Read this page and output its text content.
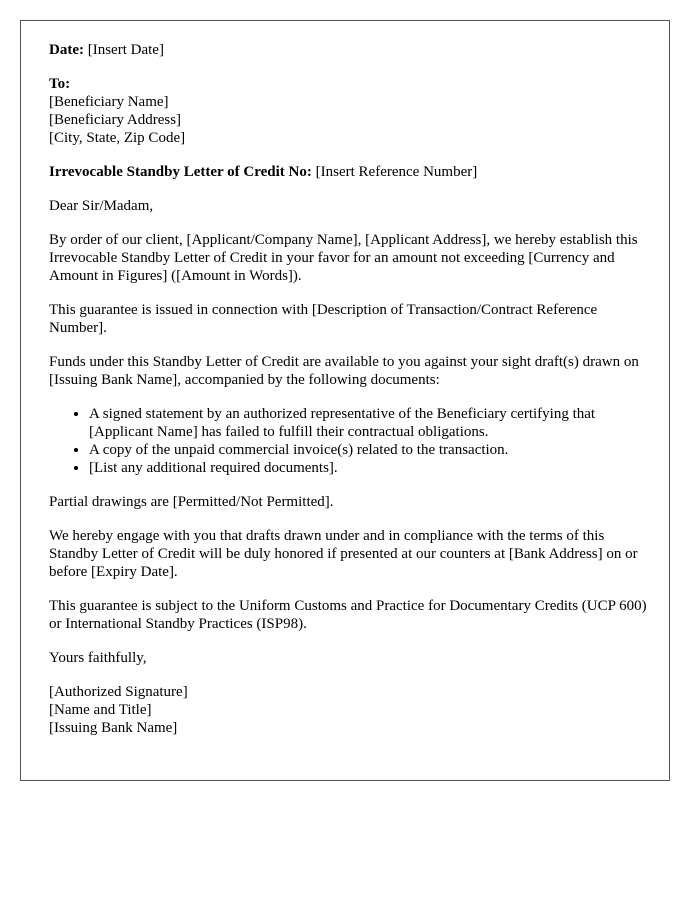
Date: [Insert Date]

To:
[Beneficiary Name]
[Beneficiary Address]
[City, State, Zip Code]

Irrevocable Standby Letter of Credit No: [Insert Reference Number]

Dear Sir/Madam,

By order of our client, [Applicant/Company Name], [Applicant Address], we hereby establish this Irrevocable Standby Letter of Credit in your favor for an amount not exceeding [Currency and Amount in Figures] ([Amount in Words]).

This guarantee is issued in connection with [Description of Transaction/Contract Reference Number].

Funds under this Standby Letter of Credit are available to you against your sight draft(s) drawn on [Issuing Bank Name], accompanied by the following documents:

• A signed statement by an authorized representative of the Beneficiary certifying that [Applicant Name] has failed to fulfill their contractual obligations.
• A copy of the unpaid commercial invoice(s) related to the transaction.
• [List any additional required documents].

Partial drawings are [Permitted/Not Permitted].

We hereby engage with you that drafts drawn under and in compliance with the terms of this Standby Letter of Credit will be duly honored if presented at our counters at [Bank Address] on or before [Expiry Date].

This guarantee is subject to the Uniform Customs and Practice for Documentary Credits (UCP 600) or International Standby Practices (ISP98).

Yours faithfully,

[Authorized Signature]
[Name and Title]
[Issuing Bank Name]
